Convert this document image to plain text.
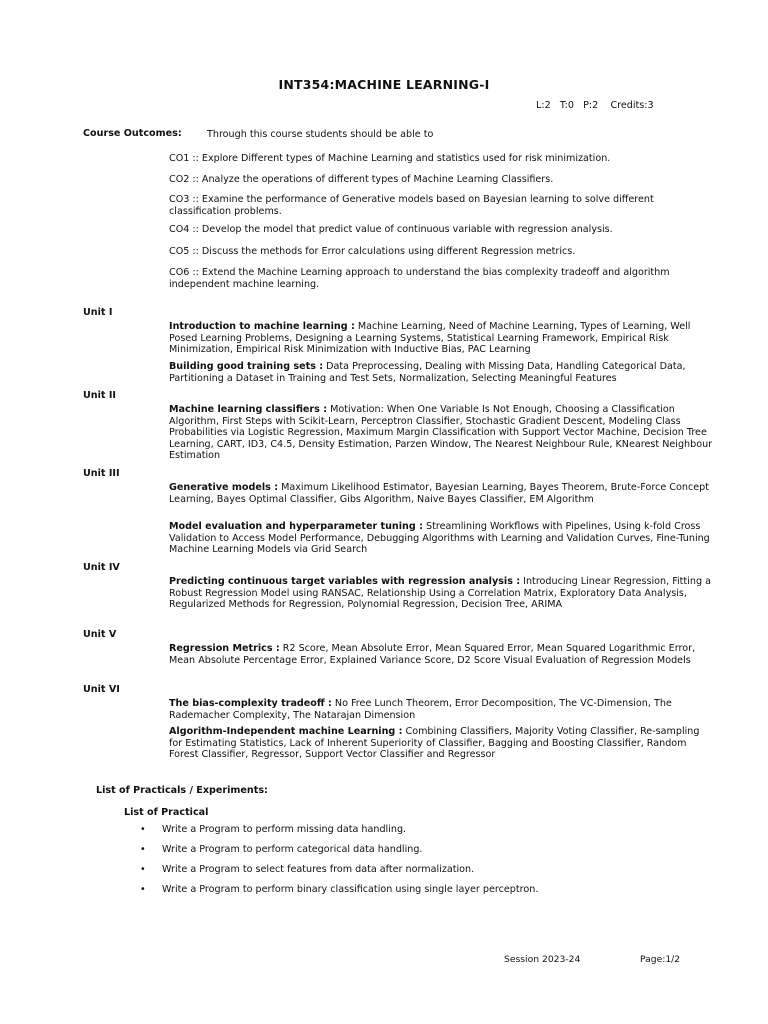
INT354:MACHINE LEARNING-I
L:2   T:0   P:2    Credits:3
Course Outcomes:	Through this course students should be able to
CO1 :: Explore Different types of Machine Learning and statistics used for risk minimization.
CO2 :: Analyze the operations of different types of Machine Learning Classifiers.
CO3 :: Examine the performance of Generative models based on Bayesian learning to solve different classification problems.
CO4 :: Develop the model that predict value of continuous variable with regression analysis.
CO5 :: Discuss the methods for Error calculations using different Regression metrics.
CO6 :: Extend the Machine Learning approach to understand the bias complexity tradeoff and algorithm independent machine learning.
Unit I
Introduction to machine learning : Machine Learning, Need of Machine Learning, Types of Learning, Well Posed Learning Problems, Designing a Learning Systems, Statistical Learning Framework, Empirical Risk Minimization, Empirical Risk Minimization with Inductive Bias, PAC Learning
Building good training sets : Data Preprocessing, Dealing with Missing Data, Handling Categorical Data, Partitioning a Dataset in Training and Test Sets, Normalization, Selecting Meaningful Features
Unit II
Machine learning classifiers : Motivation: When One Variable Is Not Enough, Choosing a Classification Algorithm, First Steps with Scikit-Learn, Perceptron Classifier, Stochastic Gradient Descent, Modeling Class Probabilities via Logistic Regression, Maximum Margin Classification with Support Vector Machine, Decision Tree Learning, CART, ID3, C4.5, Density Estimation, Parzen Window, The Nearest Neighbour Rule, KNearest Neighbour Estimation
Unit III
Generative models : Maximum Likelihood Estimator, Bayesian Learning, Bayes Theorem, Brute-Force Concept Learning, Bayes Optimal Classifier, Gibs Algorithm, Naive Bayes Classifier, EM Algorithm
Model evaluation and hyperparameter tuning : Streamlining Workflows with Pipelines, Using k-fold Cross Validation to Access Model Performance, Debugging Algorithms with Learning and Validation Curves, Fine-Tuning Machine Learning Models via Grid Search
Unit IV
Predicting continuous target variables with regression analysis : Introducing Linear Regression, Fitting a Robust Regression Model using RANSAC, Relationship Using a Correlation Matrix, Exploratory Data Analysis, Regularized Methods for Regression, Polynomial Regression, Decision Tree, ARIMA
Unit V
Regression Metrics : R2 Score, Mean Absolute Error, Mean Squared Error, Mean Squared Logarithmic Error, Mean Absolute Percentage Error, Explained Variance Score, D2 Score Visual Evaluation of Regression Models
Unit VI
The bias-complexity tradeoff : No Free Lunch Theorem, Error Decomposition, The VC-Dimension, The Rademacher Complexity, The Natarajan Dimension
Algorithm-Independent machine Learning : Combining Classifiers, Majority Voting Classifier, Re-sampling for Estimating Statistics, Lack of Inherent Superiority of Classifier, Bagging and Boosting Classifier, Random Forest Classifier, Regressor, Support Vector Classifier and Regressor
List of Practicals / Experiments:
List of Practical
• Write a Program to perform missing data handling.
• Write a Program to perform categorical data handling.
• Write a Program to select features from data after normalization.
• Write a Program to perform binary classification using single layer perceptron.
Session 2023-24	Page:1/2
